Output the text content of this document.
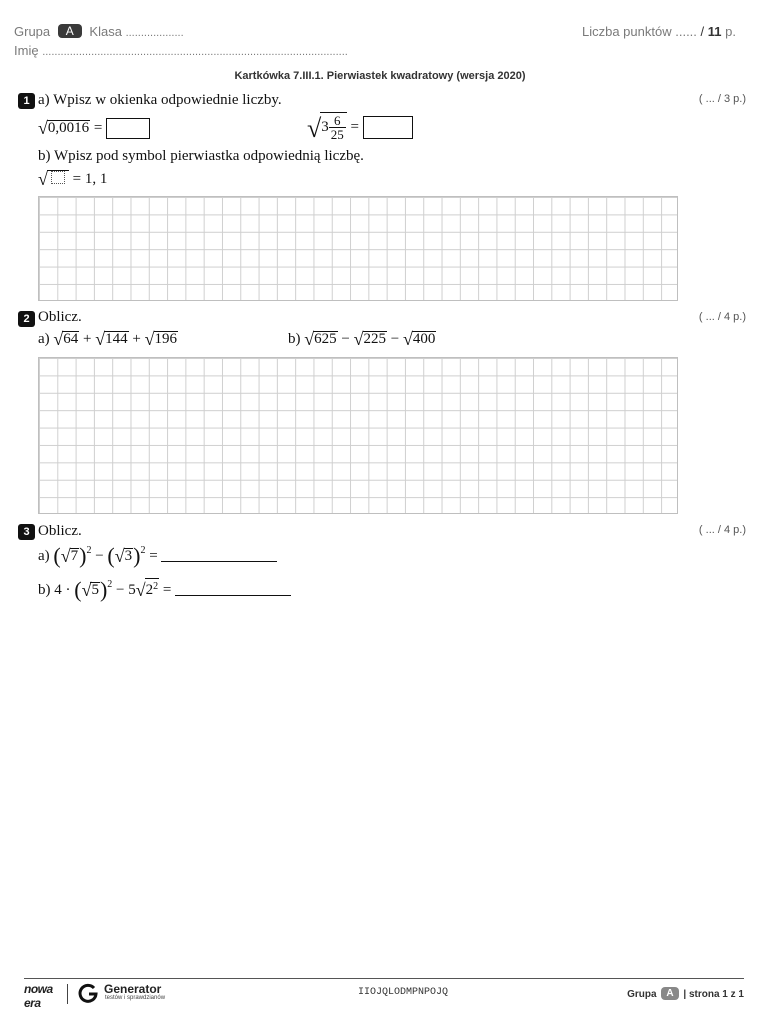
Grupa A Klasa ...................	Liczba punktów ...... / 11 p.
Imię ....................................................................................................
Kartkówka 7.III.1. Pierwiastek kwadratowy (wersja 2020)
1 a) Wpisz w okienka odpowiednie liczby.	( ... / 3 p.)
√0,0016 =	$√3 \frac{6}{25}$ =
b) Wpisz pod symbol pierwiastka odpowiednią liczbę.
√ = 1, 1
2 Oblicz.	( ... / 4 p.)
a) √64 + √144 + √196	b) √625 − √225 − √400
3 Oblicz.	( ... / 4 p.)
a) $(√7)^2 - (√3)^2$ =
b) $4 \cdot (√5)^2 - 5√2^2$ =
nowa era
Generator
testów i sprawdzianów	IIOJQLODMPNPOJQ	Grupa A | strona 1 z 1
